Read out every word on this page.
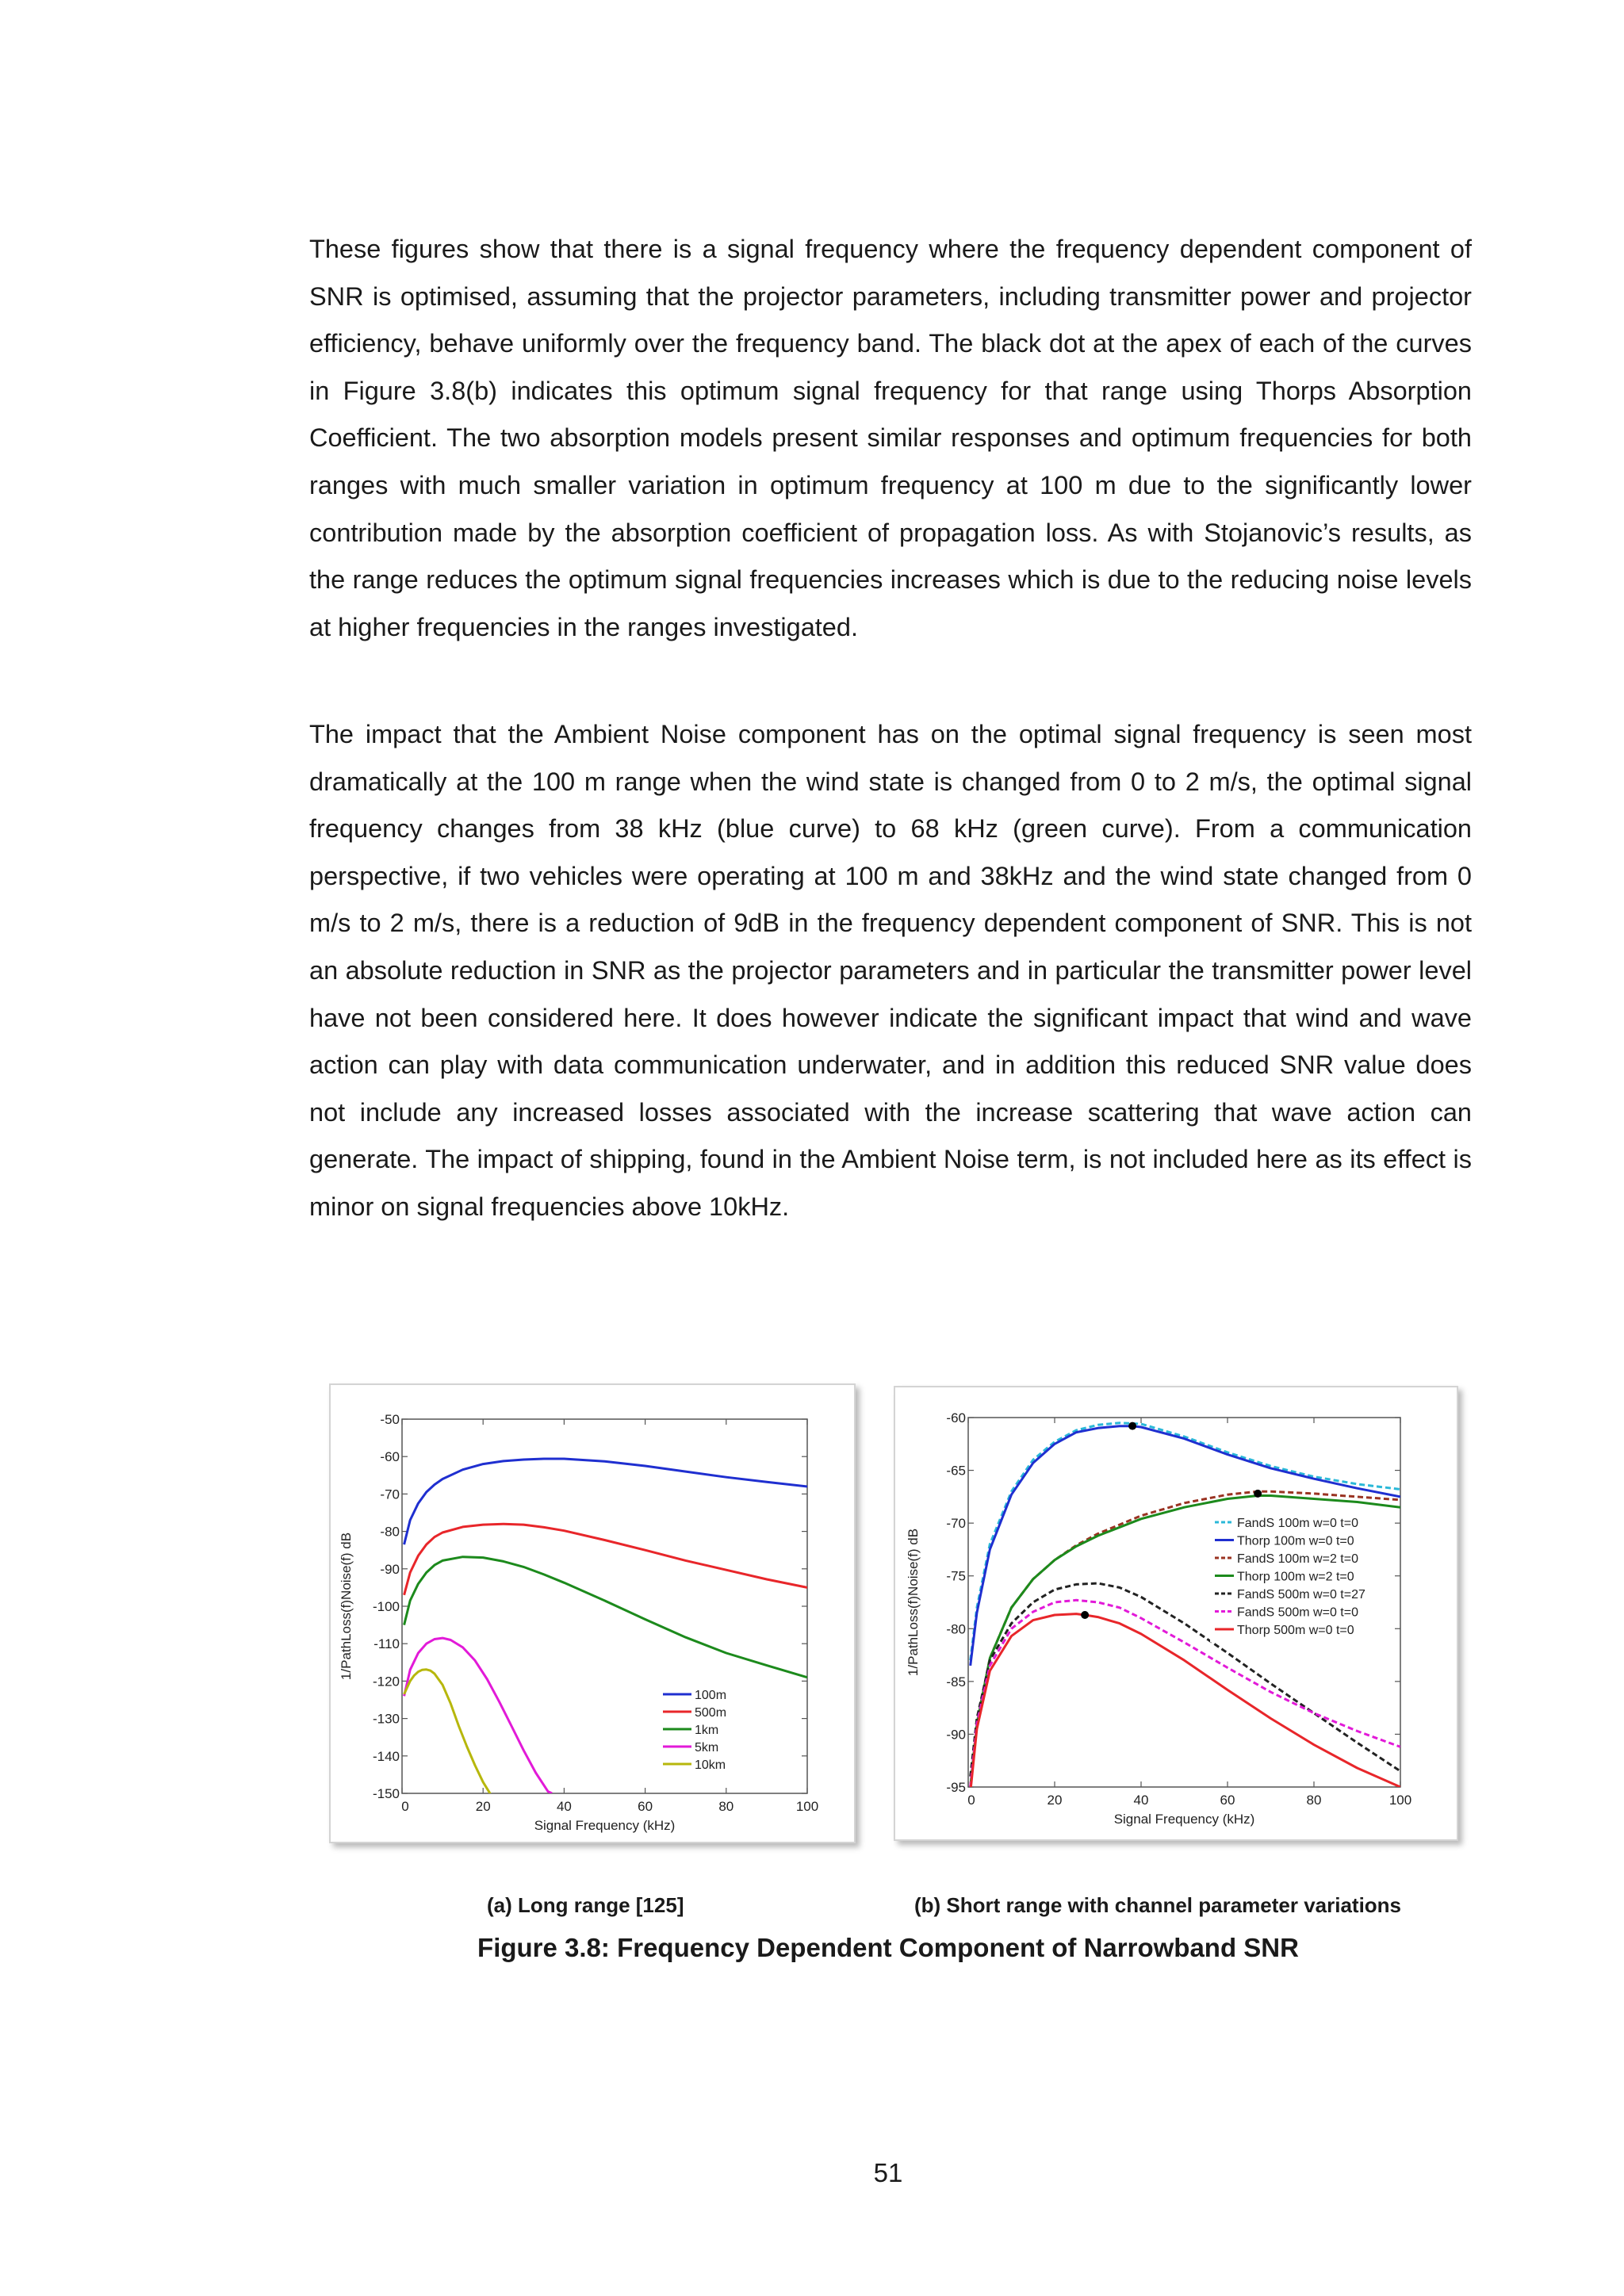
These figures show that there is a signal frequency where the frequency dependent component of SNR is optimised, assuming that the projector parameters, including transmitter power and projector efficiency, behave uniformly over the frequency band. The black dot at the apex of each of the curves in Figure 3.8(b) indicates this optimum signal frequency for that range using Thorps Absorption Coefficient. The two absorption models present similar responses and optimum frequencies for both ranges with much smaller variation in optimum frequency at 100 m due to the significantly lower contribution made by the absorption coefficient of propagation loss. As with Stojanovic’s results, as the range reduces the optimum signal frequencies increases which is due to the reducing noise levels at higher frequencies in the ranges investigated.

The impact that the Ambient Noise component has on the optimal signal frequency is seen most dramatically at the 100 m range when the wind state is changed from 0 to 2 m/s, the optimal signal frequency changes from 38 kHz (blue curve) to 68 kHz (green curve). From a communication perspective, if two vehicles were operating at 100 m and 38kHz and the wind state changed from 0 m/s to 2 m/s, there is a reduction of 9dB in the frequency dependent component of SNR. This is not an absolute reduction in SNR as the projector parameters and in particular the transmitter power level have not been considered here. It does however indicate the significant impact that wind and wave action can play with data communication underwater, and in addition this reduced SNR value does not include any increased losses associated with the increase scattering that wave action can generate. The impact of shipping, found in the Ambient Noise term, is not included here as its effect is minor on signal frequencies above 10kHz.

-50
-60
-70
-80
-90
-100
-110
-120
-130
-140
-150
0	20	40	60	80	100
Signal Frequency (kHz)
1/PathLoss(f)Noise(f) dB
100m
500m
1km
5km
10km
-60
-65
-70
-75
-80
-85
-90
-95
0	20	40	60	80	100
Signal Frequency (kHz)
1/PathLoss(f)Noise(f) dB
FandS 100m w=0 t=0
Thorp 100m w=0 t=0
FandS 100m w=2 t=0
Thorp 100m w=2 t=0
FandS 500m w=0 t=27
FandS 500m w=0 t=0
Thorp 500m w=0 t=0

(a) Long range [125]	(b) Short range with channel parameter variations

Figure 3.8: Frequency Dependent Component of Narrowband SNR

51
